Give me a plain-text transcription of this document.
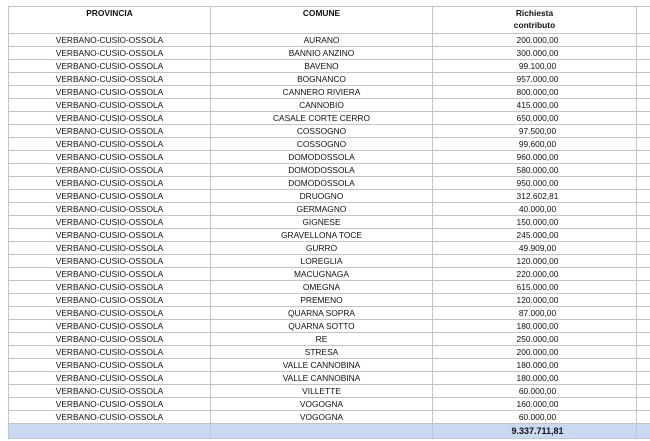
PROVINCIA	COMUNE	Richiesta
contributo	

VERBANO-CUSIO-OSSOLA	AURANO	200.000,00	
VERBANO-CUSIO-OSSOLA	BANNIO ANZINO	300.000,00	
VERBANO-CUSIO-OSSOLA	BAVENO	99.100,00	
VERBANO-CUSIO-OSSOLA	BOGNANCO	957.000,00	
VERBANO-CUSIO-OSSOLA	CANNERO RIVIERA	800.000,00	
VERBANO-CUSIO-OSSOLA	CANNOBIO	415.000,00	
VERBANO-CUSIO-OSSOLA	CASALE CORTE CERRO	650.000,00	
VERBANO-CUSIO-OSSOLA	COSSOGNO	97.500,00	
VERBANO-CUSIO-OSSOLA	COSSOGNO	99.600,00	
VERBANO-CUSIO-OSSOLA	DOMODOSSOLA	960.000,00	
VERBANO-CUSIO-OSSOLA	DOMODOSSOLA	580.000,00	
VERBANO-CUSIO-OSSOLA	DOMODOSSOLA	950.000,00	
VERBANO-CUSIO-OSSOLA	DRUOGNO	312.602,81	
VERBANO-CUSIO-OSSOLA	GERMAGNO	40.000,00	
VERBANO-CUSIO-OSSOLA	GIGNESE	150.000,00	
VERBANO-CUSIO-OSSOLA	GRAVELLONA TOCE	245.000,00	
VERBANO-CUSIO-OSSOLA	GURRO	49.909,00	
VERBANO-CUSIO-OSSOLA	LOREGLIA	120.000,00	
VERBANO-CUSIO-OSSOLA	MACUGNAGA	220.000,00	
VERBANO-CUSIO-OSSOLA	OMEGNA	615.000,00	
VERBANO-CUSIO-OSSOLA	PREMENO	120.000,00	
VERBANO-CUSIO-OSSOLA	QUARNA SOPRA	87.000,00	
VERBANO-CUSIO-OSSOLA	QUARNA SOTTO	180.000,00	
VERBANO-CUSIO-OSSOLA	RE	250.000,00	
VERBANO-CUSIO-OSSOLA	STRESA	200.000,00	
VERBANO-CUSIO-OSSOLA	VALLE CANNOBINA	180.000,00	
VERBANO-CUSIO-OSSOLA	VALLE CANNOBINA	180.000,00	
VERBANO-CUSIO-OSSOLA	VILLETTE	60.000,00	
VERBANO-CUSIO-OSSOLA	VOGOGNA	160.000,00	
VERBANO-CUSIO-OSSOLA	VOGOGNA	60.000,00	
		9.337.711,81	
